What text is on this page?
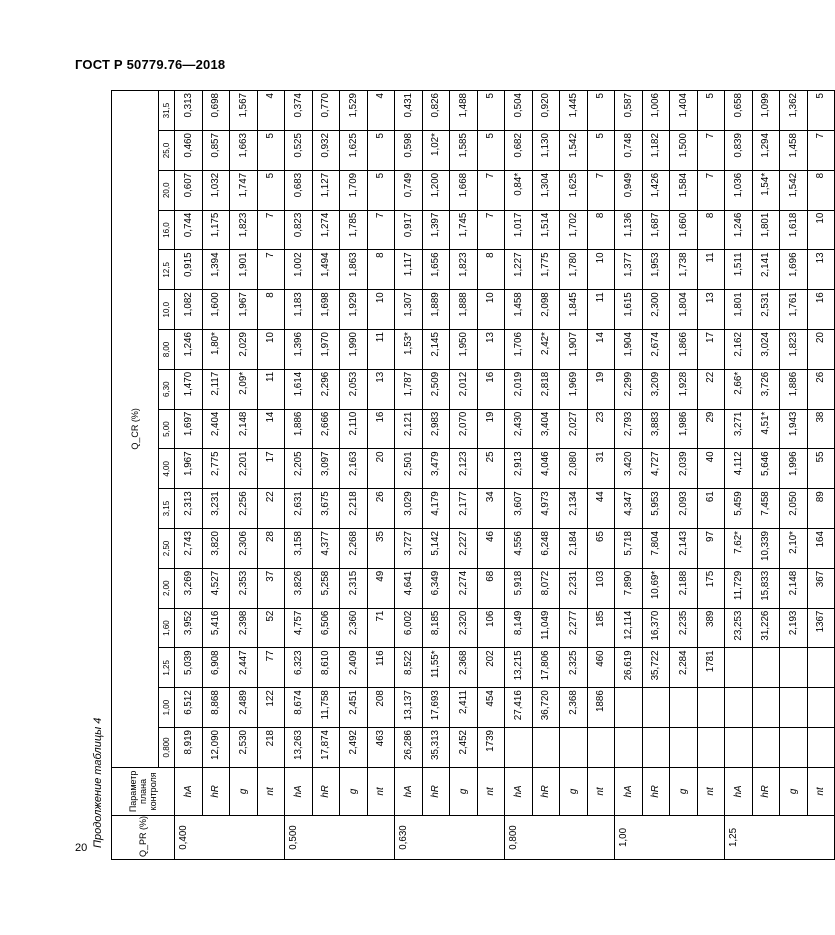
ГОСТ Р 50779.76—2018
Продолжение таблицы 4
20	Q_PR (%)	Параметр плана контроля	Q_CR (%)																
		0,800	1,00	1,25	1,60	2,00	2,50	3,15	4,00	5,00	6,30	8,00	10,0	12,5	16,0	20,0	25,0	31,5
0,400	hA	8,919	6,512	5,039	3,952	3,269	2,743	2,313	1,967	1,697	1,470	1,246	1,082	0,915	0,744	0,607	0,460	0,313
	hR	12,090	8,868	6,908	5,416	4,527	3,820	3,231	2,775	2,404	2,117	1,80*	1,600	1,394	1,175	1,032	0,857	0,698
	g	2,530	2,489	2,447	2,398	2,353	2,306	2,256	2,201	2,148	2,09*	2,029	1,967	1,901	1,823	1,747	1,663	1,567
	nt	218	122	77	52	37	28	22	17	14	11	10	8	7	7	5	5	4
0,500	hA	13,263	8,674	6,323	4,757	3,826	3,158	2,631	2,205	1,886	1,614	1,396	1,183	1,002	0,823	0,683	0,525	0,374
	hR	17,874	11,758	8,610	6,506	5,258	4,377	3,675	3,097	2,666	2,296	1,970	1,698	1,494	1,274	1,127	0,932	0,770
	g	2,492	2,451	2,409	2,360	2,315	2,268	2,218	2,163	2,110	2,053	1,990	1,929	1,863	1,785	1,709	1,625	1,529
	nt	463	208	116	71	49	35	26	20	16	13	11	10	8	7	5	5	4
0,630	hA	26,286	13,137	8,522	6,002	4,641	3,727	3,029	2,501	2,121	1,787	1,53*	1,307	1,117	0,917	0,749	0,598	0,431
	hR	35,313	17,693	11,55*	8,185	6,349	5,142	4,179	3,479	2,983	2,509	2,145	1,889	1,656	1,397	1,200	1,02*	0,826
	g	2,452	2,411	2,368	2,320	2,274	2,227	2,177	2,123	2,070	2,012	1,950	1,888	1,823	1,745	1,668	1,585	1,488
	nt	1739	454	202	106	68	46	34	25	19	16	13	10	8	7	7	5	5
0,800	hA		27,416	13,215	8,149	5,918	4,556	3,607	2,913	2,430	2,019	1,706	1,458	1,227	1,017	0,84*	0,682	0,504
	hR		36,720	17,806	11,049	8,072	6,248	4,973	4,046	3,404	2,818	2,42*	2,098	1,775	1,514	1,304	1,130	0,920
	g		2,368	2,325	2,277	2,231	2,184	2,134	2,080	2,027	1,969	1,907	1,845	1,780	1,702	1,625	1,542	1,445
	nt		1886	460	185	103	65	44	31	23	19	14	11	10	8	7	5	5
1,00	hA			26,619	12,114	7,890	5,718	4,347	3,420	2,793	2,299	1,904	1,615	1,377	1,136	0,949	0,748	0,587
	hR			35,722	16,370	10,69*	7,804	5,953	4,727	3,883	3,209	2,674	2,300	1,953	1,687	1,426	1,182	1,006
	g			2,284	2,235	2,188	2,143	2,093	2,039	1,986	1,928	1,866	1,804	1,738	1,660	1,584	1,500	1,404
	nt			1781	389	175	97	61	40	29	22	17	13	11	8	7	7	5
1,25	hA				23,253	11,729	7,62*	5,459	4,112	3,271	2,66*	2,162	1,801	1,511	1,246	1,036	0,839	0,658
	hR				31,226	15,833	10,339	7,458	5,646	4,51*	3,726	3,024	2,531	2,141	1,801	1,54*	1,294	1,099
	g				2,193	2,148	2,10*	2,050	1,996	1,943	1,886	1,823	1,761	1,696	1,618	1,542	1,458	1,362
	nt				1367	367	164	89	55	38	26	20	16	13	10	8	7	5
